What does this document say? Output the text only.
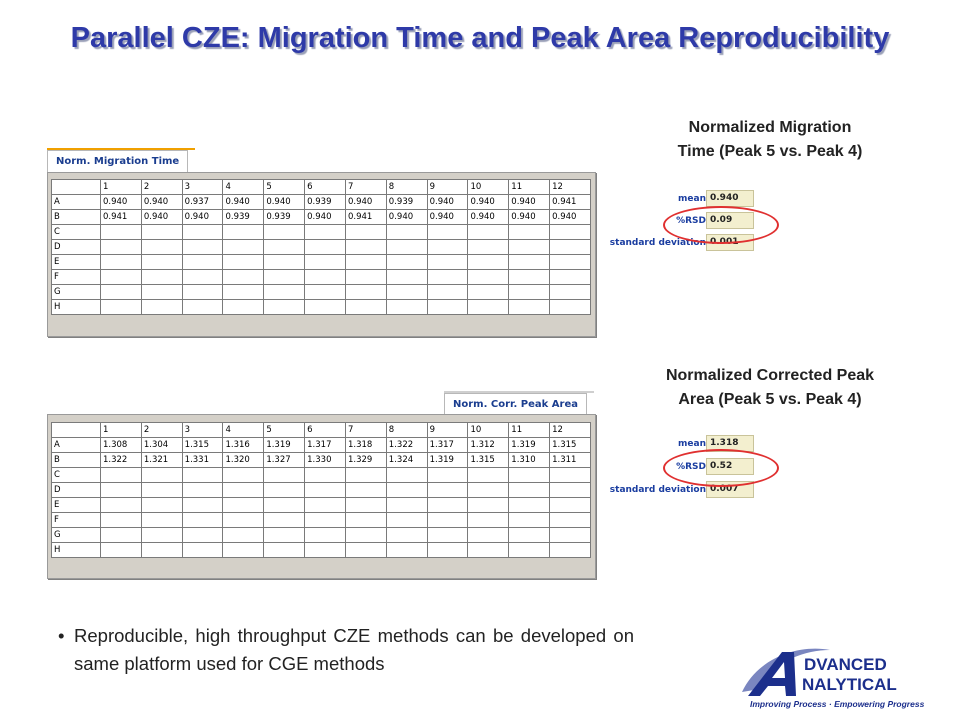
Parallel CZE: Migration Time and Peak Area Reproducibility
Norm. Migration Time
	1	2	3	4	5	6	7	8	9	10	11	12
A	0.940	0.940	0.937	0.940	0.940	0.939	0.940	0.939	0.940	0.940	0.940	0.941
B	0.941	0.940	0.940	0.939	0.939	0.940	0.941	0.940	0.940	0.940	0.940	0.940
C												
D												
E												
F												
G												
H												
Normalized Migration
Time (Peak 5 vs. Peak 4)
mean 0.940
%RSD 0.09
standard deviation 0.001
Norm. Corr. Peak Area
	1	2	3	4	5	6	7	8	9	10	11	12
A	1.308	1.304	1.315	1.316	1.319	1.317	1.318	1.322	1.317	1.312	1.319	1.315
B	1.322	1.321	1.331	1.320	1.327	1.330	1.329	1.324	1.319	1.315	1.310	1.311
C												
D												
E												
F												
G												
H												
Normalized Corrected Peak
Area (Peak 5 vs. Peak 4)
mean 1.318
%RSD 0.52
standard deviation 0.007
• Reproducible, high throughput CZE methods can be developed on same platform used for CGE methods	DVANCED
NALYTICAL
Improving Process · Empowering Progress
